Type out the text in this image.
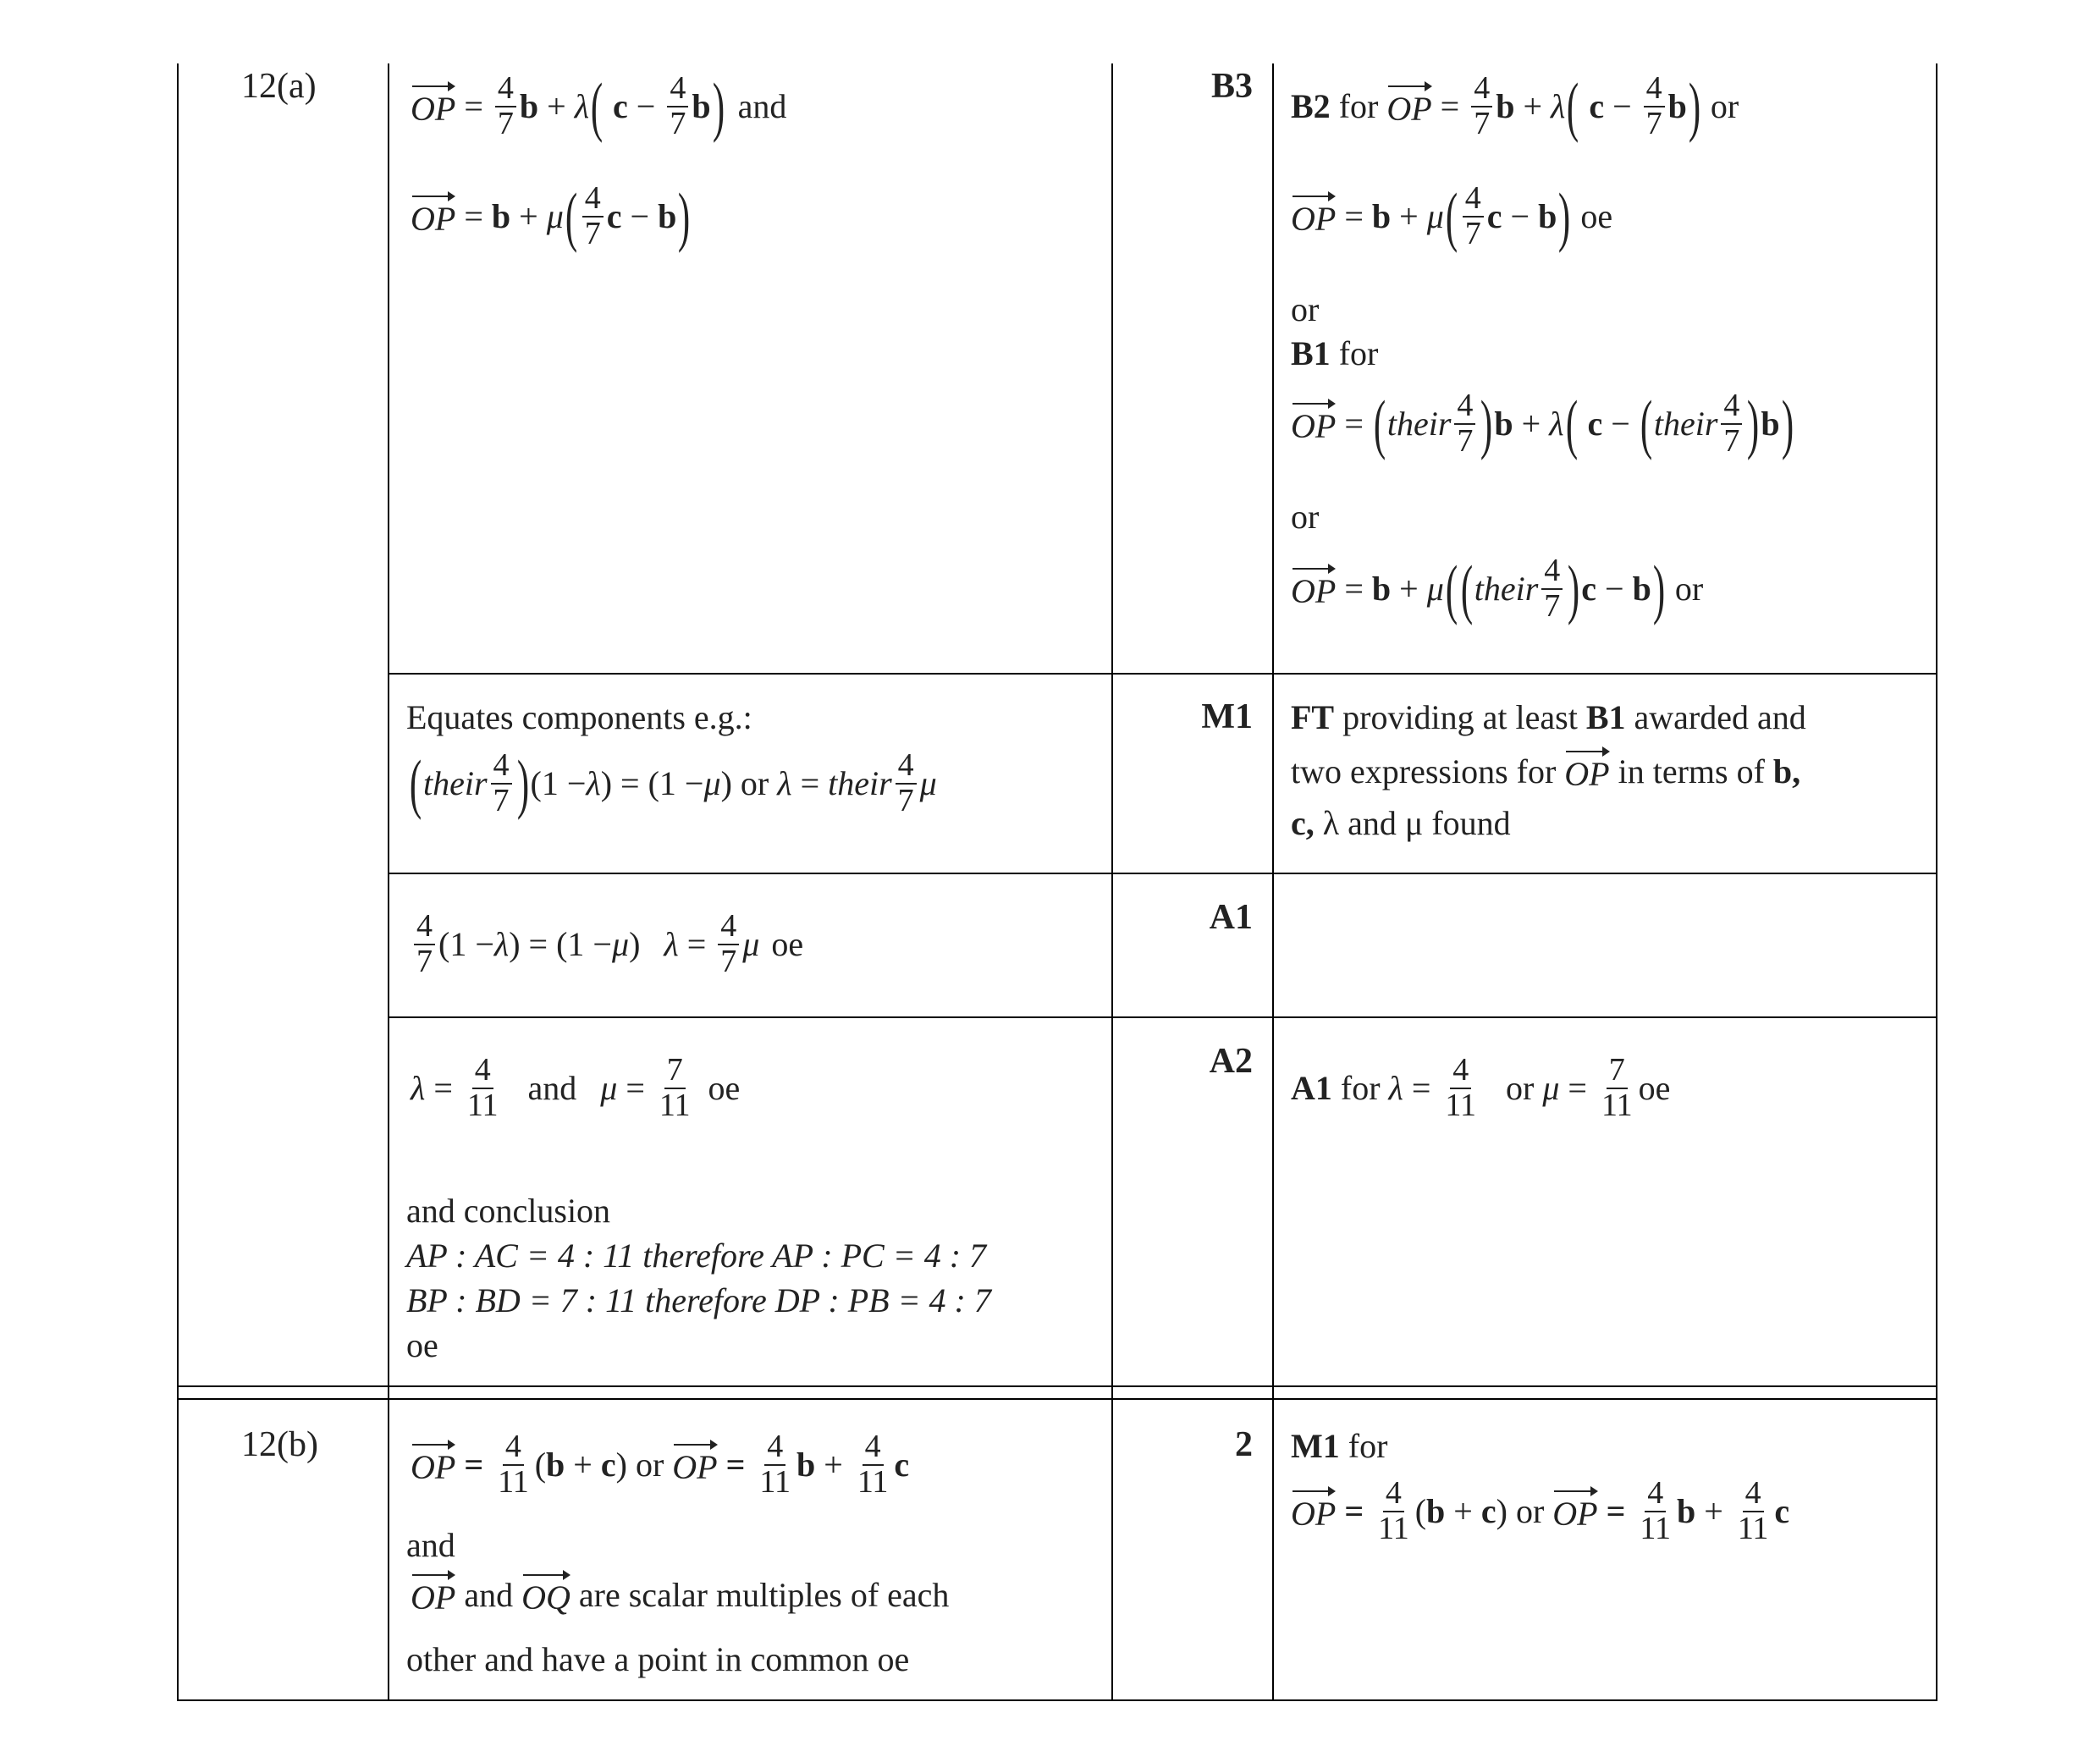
12(a)
12(b)
B3
M1
A1
A2
2
OP = $\frac{4}{7}$ b + λ (
$c - \frac{4}{7}$ b ) and
OP = b + μ ( $\frac{4}{7}$ c − b )
B2
for
OP = $\frac{4}{7}$ b + λ (
$c - \frac{4}{7}$ b )
or
OP = b + μ ( $\frac{4}{7}$ c − b )
oe
or
B1 for
OP = ( their $\frac{4}{7}$ ) b + λ (
c − ( their $\frac{4}{7}$ ) b )
or
OP = b + μ ( ( their $\frac{4}{7}$ ) c − b )
or
Equates components e.g.:
( their $\frac{4}{7}$ ) (1 − λ ) = (1 − μ )
or
λ = their $\frac{4}{7}$ μ
FT providing at least B1 awarded and
two expressions for
OP
in terms of
b,
c, λ and μ found
$\frac{4}{7} (1 - \lambda$ ) = (1 − μ ) $\lambda = \frac{4}{7}$ μ oe
$\lambda = \frac{4}{11}$ and $\mu = \frac{7}{11}$ oe
and conclusion
AP : AC = 4 : 11 therefore AP : PC = 4 : 7
BP : BD = 7 : 11 therefore DP : PB = 4 : 7
oe
A1
for
$\lambda = \frac{4}{11}$ or
$\mu = \frac{7}{11}$ oe
OP
=
$\frac{4}{11}$ ( b + c )
or
OP
=
$\frac{4}{11}$ $b + \frac{4}{11}$ c
and
OP
and
OQ
are scalar multiples of each
other and have a point in common oe
M1 for
OP
=
$\frac{4}{11}$ ( b + c )
or
OP
=
$\frac{4}{11}$ $b + \frac{4}{11}$ c
